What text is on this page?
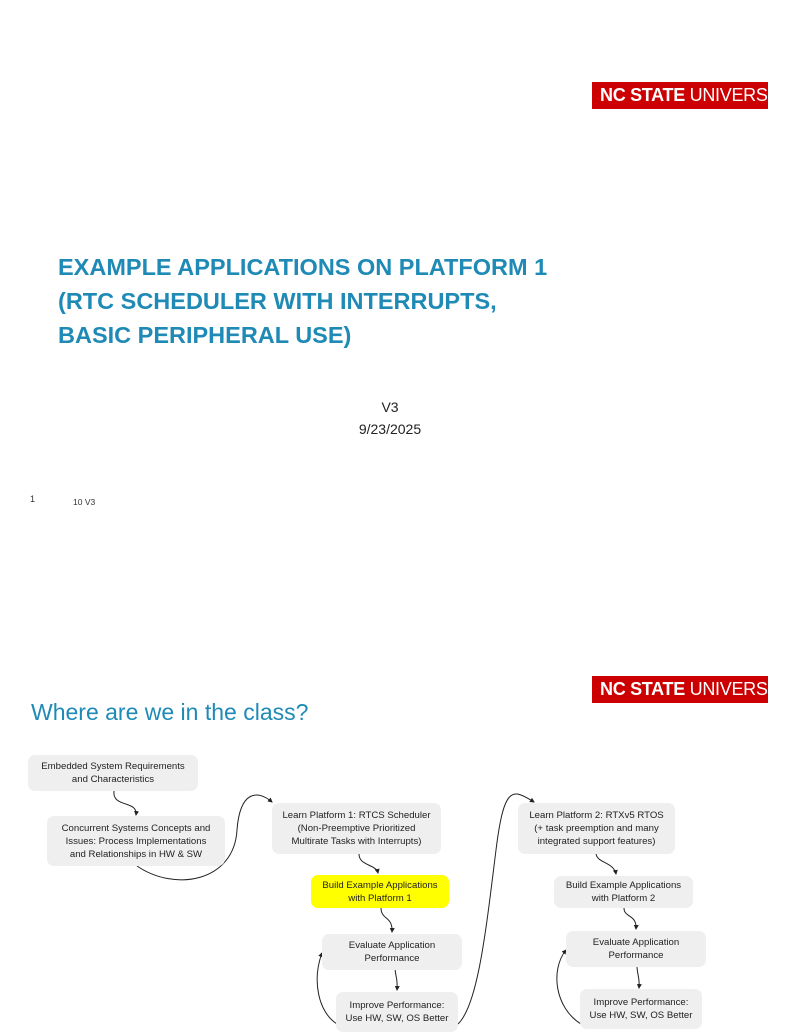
NC STATE UNIVERSITY
EXAMPLE APPLICATIONS ON PLATFORM 1
(RTC SCHEDULER WITH INTERRUPTS,
BASIC PERIPHERAL USE)
V3
9/23/2025
1	10 V3
NC STATE UNIVERSITY
Where are we in the class?
Embedded System Requirements
and Characteristics
Concurrent Systems Concepts and
Issues: Process Implementations
and Relationships in HW & SW
Learn Platform 1: RTCS Scheduler
(Non-Preemptive Prioritized
Multirate Tasks with Interrupts)
Build Example Applications
with Platform 1
Evaluate Application
Performance
Improve Performance:
Use HW, SW, OS Better
Learn Platform 2: RTXv5 RTOS
(+ task preemption and many
integrated support features)
Build Example Applications
with Platform 2
Evaluate Application
Performance
Improve Performance:
Use HW, SW, OS Better
